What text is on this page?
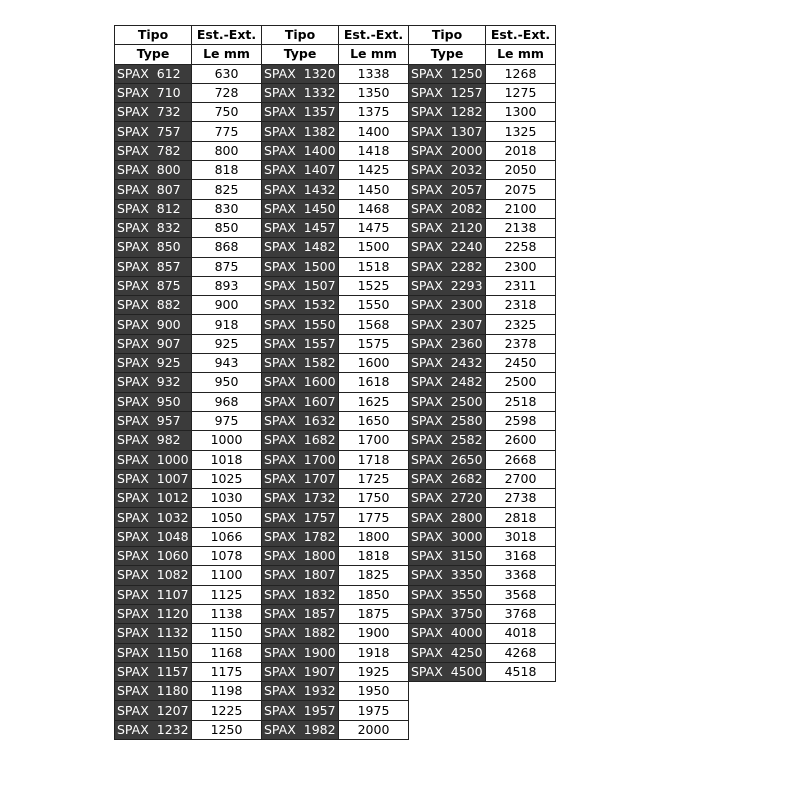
Tipo	Est.-Ext.
Type	Le mm
SPAX 612	630
SPAX 710	728
SPAX 732	750
SPAX 757	775
SPAX 782	800
SPAX 800	818
SPAX 807	825
SPAX 812	830
SPAX 832	850
SPAX 850	868
SPAX 857	875
SPAX 875	893
SPAX 882	900
SPAX 900	918
SPAX 907	925
SPAX 925	943
SPAX 932	950
SPAX 950	968
SPAX 957	975
SPAX 982	1000
SPAX 1000	1018
SPAX 1007	1025
SPAX 1012	1030
SPAX 1032	1050
SPAX 1048	1066
SPAX 1060	1078
SPAX 1082	1100
SPAX 1107	1125
SPAX 1120	1138
SPAX 1132	1150
SPAX 1150	1168
SPAX 1157	1175
SPAX 1180	1198
SPAX 1207	1225
SPAX 1232	1250
Tipo	Est.-Ext.
Type	Le mm
SPAX 1320	1338
SPAX 1332	1350
SPAX 1357	1375
SPAX 1382	1400
SPAX 1400	1418
SPAX 1407	1425
SPAX 1432	1450
SPAX 1450	1468
SPAX 1457	1475
SPAX 1482	1500
SPAX 1500	1518
SPAX 1507	1525
SPAX 1532	1550
SPAX 1550	1568
SPAX 1557	1575
SPAX 1582	1600
SPAX 1600	1618
SPAX 1607	1625
SPAX 1632	1650
SPAX 1682	1700
SPAX 1700	1718
SPAX 1707	1725
SPAX 1732	1750
SPAX 1757	1775
SPAX 1782	1800
SPAX 1800	1818
SPAX 1807	1825
SPAX 1832	1850
SPAX 1857	1875
SPAX 1882	1900
SPAX 1900	1918
SPAX 1907	1925
SPAX 1932	1950
SPAX 1957	1975
SPAX 1982	2000
Tipo	Est.-Ext.
Type	Le mm
SPAX 1250	1268
SPAX 1257	1275
SPAX 1282	1300
SPAX 1307	1325
SPAX 2000	2018
SPAX 2032	2050
SPAX 2057	2075
SPAX 2082	2100
SPAX 2120	2138
SPAX 2240	2258
SPAX 2282	2300
SPAX 2293	2311
SPAX 2300	2318
SPAX 2307	2325
SPAX 2360	2378
SPAX 2432	2450
SPAX 2482	2500
SPAX 2500	2518
SPAX 2580	2598
SPAX 2582	2600
SPAX 2650	2668
SPAX 2682	2700
SPAX 2720	2738
SPAX 2800	2818
SPAX 3000	3018
SPAX 3150	3168
SPAX 3350	3368
SPAX 3550	3568
SPAX 3750	3768
SPAX 4000	4018
SPAX 4250	4268
SPAX 4500	4518
